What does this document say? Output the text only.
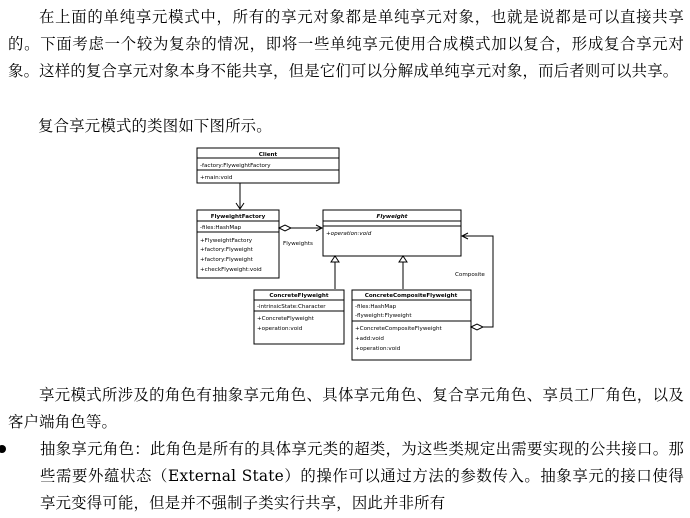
在上面的单纯享元模式中，所有的享元对象都是单纯享元对象，也就是说都是可以直接共享的。下面考虑一个较为复杂的情况，即将一些单纯享元使用合成模式加以复合，形成复合享元对象。这样的复合享元对象本身不能共享，但是它们可以分解成单纯享元对象，而后者则可以共享。
复合享元模式的类图如下图所示。
Client
-factory:FlyweightFactory
+main:void
FlyweightFactory
-files:HashMap
+FlyweightFactory
+factory:Flyweight
+factory:Flyweight
+checkFlyweight:void
Flyweight
+operation:void
ConcreteFlyweight
-intrinsicState:Character
+ConcreteFlyweight
+operation:void
ConcreteCompositeFlyweight
-files:HashMap
-flyweight:Flyweight
+ConcreteCompositeFlyweight
+add:void
+operation:void
Flyweights
Composite
享元模式所涉及的角色有抽象享元角色、具体享元角色、复合享元角色、享员工厂角色，以及客户端角色等。
抽象享元角色：此角色是所有的具体享元类的超类，为这些类规定出需要实现的公共接口。那些需要外蕴状态（External State）的操作可以通过方法的参数传入。抽象享元的接口使得享元变得可能，但是并不强制子类实行共享，因此并非所有
